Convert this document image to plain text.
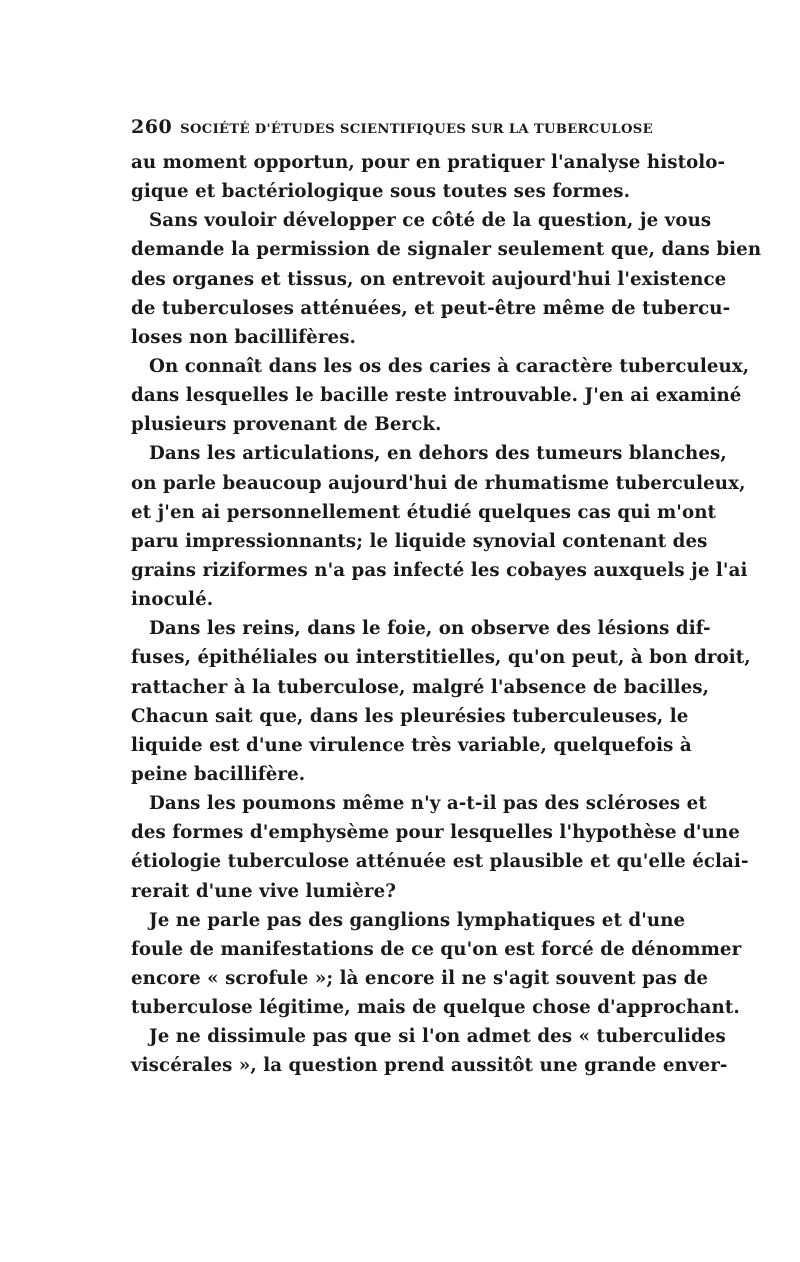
260 SOCIÉTÉ D'ÉTUDES SCIENTIFIQUES SUR LA TUBERCULOSE

au moment opportun, pour en pratiquer l'analyse histolo-
gique et bactériologique sous toutes ses formes.

Sans vouloir développer ce côté de la question, je vous
demande la permission de signaler seulement que, dans bien
des organes et tissus, on entrevoit aujourd'hui l'existence
de tuberculoses atténuées, et peut-être même de tubercu-
loses non bacillifères.

On connaît dans les os des caries à caractère tuberculeux,
dans lesquelles le bacille reste introuvable. J'en ai examiné
plusieurs provenant de Berck.

Dans les articulations, en dehors des tumeurs blanches,
on parle beaucoup aujourd'hui de rhumatisme tuberculeux,
et j'en ai personnellement étudié quelques cas qui m'ont
paru impressionnants; le liquide synovial contenant des
grains riziformes n'a pas infecté les cobayes auxquels je l'ai
inoculé.

Dans les reins, dans le foie, on observe des lésions dif-
fuses, épithéliales ou interstitielles, qu'on peut, à bon droit,
rattacher à la tuberculose, malgré l'absence de bacilles,
Chacun sait que, dans les pleurésies tuberculeuses, le
liquide est d'une virulence très variable, quelquefois à
peine bacillifère.

Dans les poumons même n'y a-t-il pas des scléroses et
des formes d'emphysème pour lesquelles l'hypothèse d'une
étiologie tuberculose atténuée est plausible et qu'elle éclai-
rerait d'une vive lumière?

Je ne parle pas des ganglions lymphatiques et d'une
foule de manifestations de ce qu'on est forcé de dénommer
encore « scrofule »; là encore il ne s'agit souvent pas de
tuberculose légitime, mais de quelque chose d'approchant.

Je ne dissimule pas que si l'on admet des « tuberculides
viscérales », la question prend aussitôt une grande enver-
